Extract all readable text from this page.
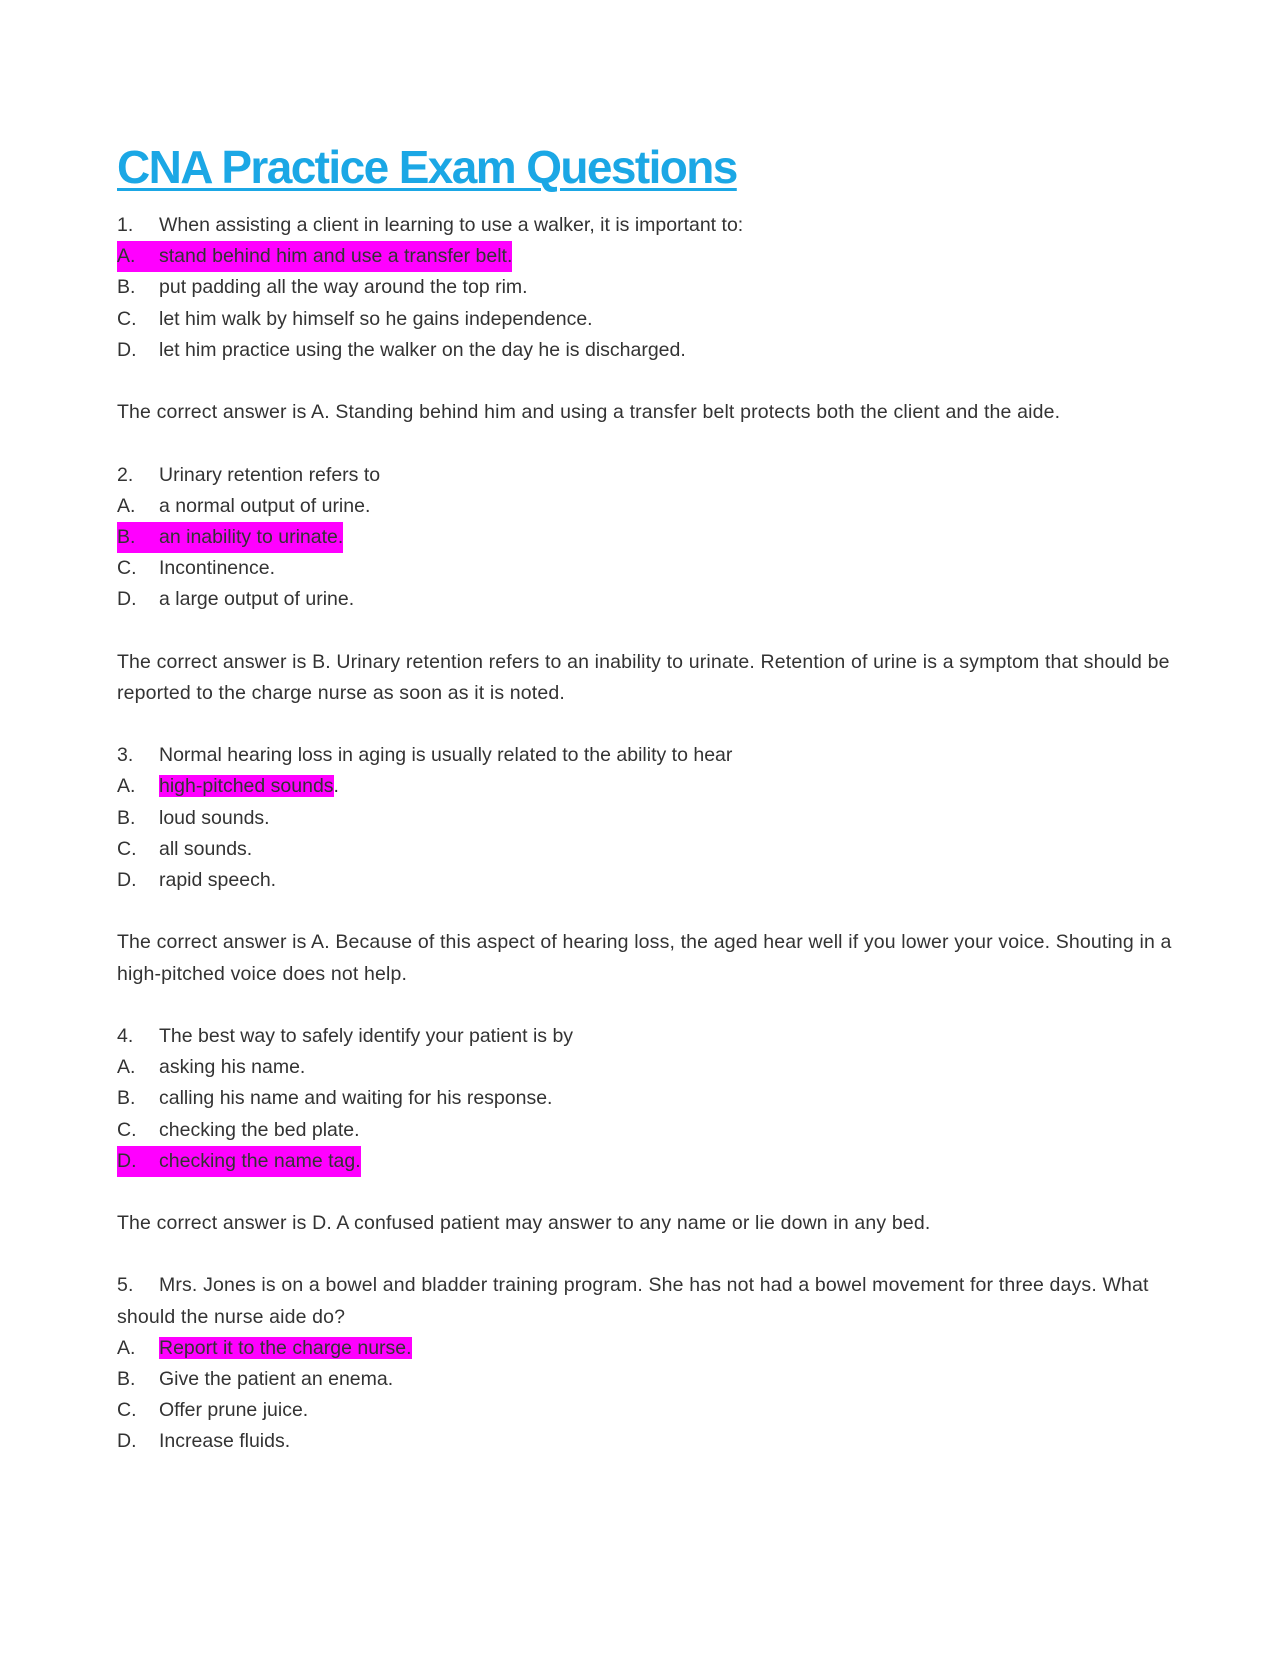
CNA Practice Exam Questions
1. When assisting a client in learning to use a walker, it is important to:
A. stand behind him and use a transfer belt.
B. put padding all the way around the top rim.
C. let him walk by himself so he gains independence.
D. let him practice using the walker on the day he is discharged.
The correct answer is A. Standing behind him and using a transfer belt protects both the client and the aide.
2. Urinary retention refers to
A. a normal output of urine.
B. an inability to urinate.
C. Incontinence.
D. a large output of urine.
The correct answer is B. Urinary retention refers to an inability to urinate. Retention of urine is a symptom that should be reported to the charge nurse as soon as it is noted.
3. Normal hearing loss in aging is usually related to the ability to hear
A. high-pitched sounds.
B. loud sounds.
C. all sounds.
D. rapid speech.
The correct answer is A. Because of this aspect of hearing loss, the aged hear well if you lower your voice. Shouting in a high-pitched voice does not help.
4. The best way to safely identify your patient is by
A. asking his name.
B. calling his name and waiting for his response.
C. checking the bed plate.
D. checking the name tag.
The correct answer is D. A confused patient may answer to any name or lie down in any bed.
5. Mrs. Jones is on a bowel and bladder training program. She has not had a bowel movement for three days. What should the nurse aide do?
A. Report it to the charge nurse.
B. Give the patient an enema.
C. Offer prune juice.
D. Increase fluids.
